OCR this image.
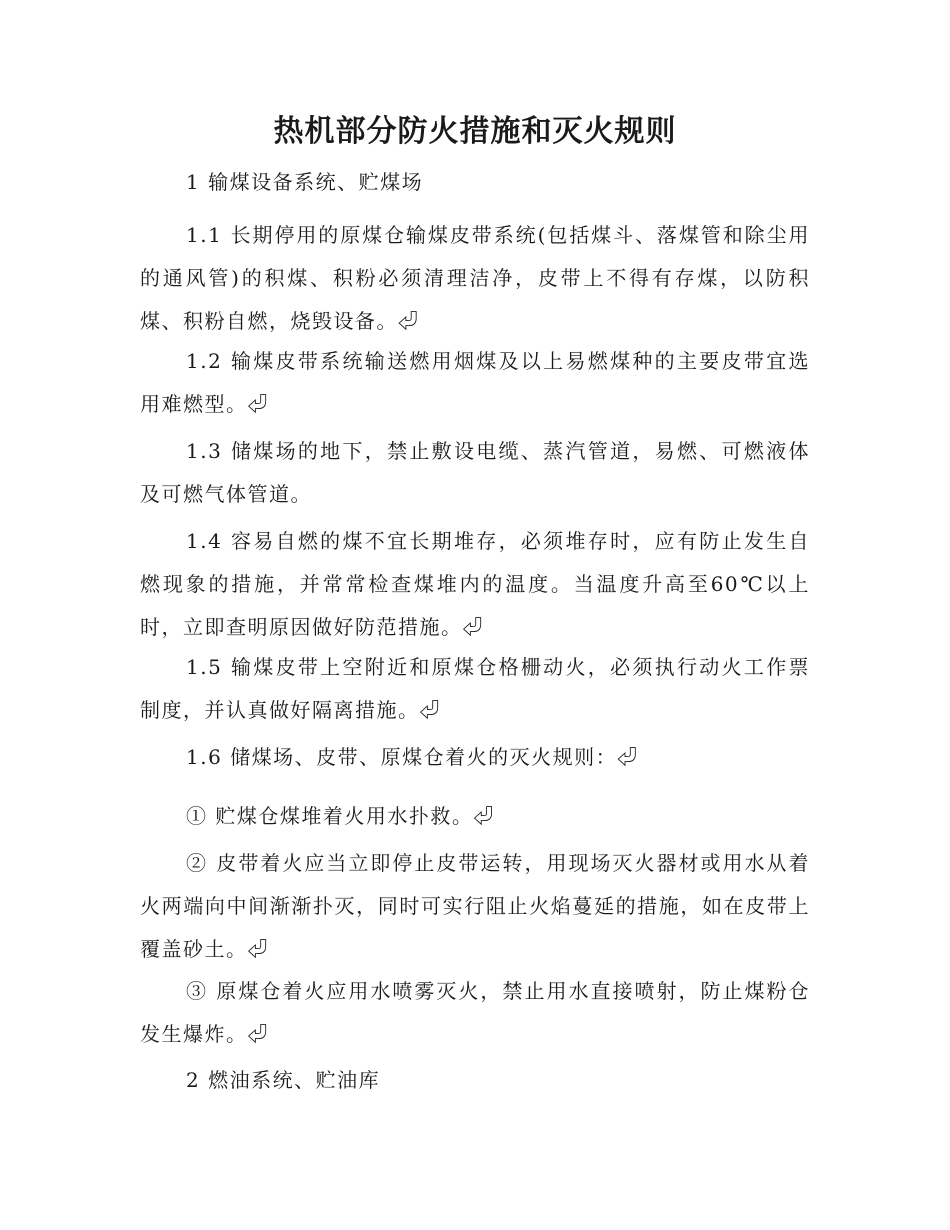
热机部分防火措施和灭火规则

1 输煤设备系统、贮煤场

1.1 长期停用的原煤仓输煤皮带系统(包括煤斗、落煤管和除尘用的通风管)的积煤、积粉必须清理洁净，皮带上不得有存煤，以防积煤、积粉自燃，烧毁设备。⏎

1.2 输煤皮带系统输送燃用烟煤及以上易燃煤种的主要皮带宜选用难燃型。⏎

1.3 储煤场的地下，禁止敷设电缆、蒸汽管道，易燃、可燃液体及可燃气体管道。

1.4 容易自燃的煤不宜长期堆存，必须堆存时，应有防止发生自燃现象的措施，并常常检查煤堆内的温度。当温度升高至60℃以上时，立即查明原因做好防范措施。⏎

1.5 输煤皮带上空附近和原煤仓格栅动火，必须执行动火工作票制度，并认真做好隔离措施。⏎

1.6 储煤场、皮带、原煤仓着火的灭火规则：⏎

① 贮煤仓煤堆着火用水扑救。⏎

② 皮带着火应当立即停止皮带运转，用现场灭火器材或用水从着火两端向中间渐渐扑灭，同时可实行阻止火焰蔓延的措施，如在皮带上覆盖砂土。⏎

③ 原煤仓着火应用水喷雾灭火，禁止用水直接喷射，防止煤粉仓发生爆炸。⏎

2 燃油系统、贮油库
